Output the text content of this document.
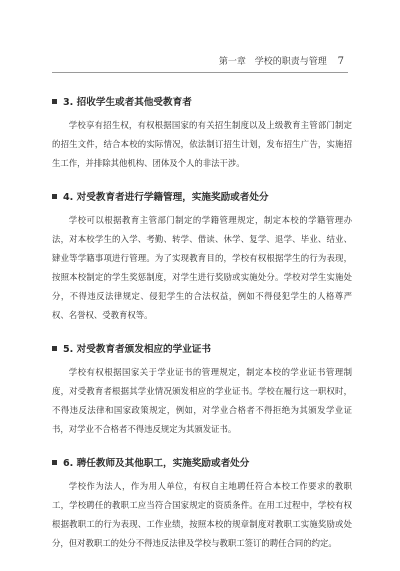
第一章 学校的职责与管理 7

3. 招收学生或者其他受教育者

学校享有招生权，有权根据国家的有关招生制度以及上级教育主管部门制定的招生文件，结合本校的实际情况，依法制订招生计划，发布招生广告，实施招生工作，并排除其他机构、团体及个人的非法干涉。

4. 对受教育者进行学籍管理，实施奖励或者处分

学校可以根据教育主管部门制定的学籍管理规定，制定本校的学籍管理办法，对本校学生的入学、考勤、转学、借读、休学、复学、退学、毕业、结业、肄业等学籍事项进行管理。为了实现教育目的，学校有权根据学生的行为表现，按照本校制定的学生奖惩制度，对学生进行奖励或实施处分。学校对学生实施处分，不得违反法律规定、侵犯学生的合法权益，例如不得侵犯学生的人格尊严权、名誉权、受教育权等。

5. 对受教育者颁发相应的学业证书

学校有权根据国家关于学业证书的管理规定，制定本校的学业证书管理制度，对受教育者根据其学业情况颁发相应的学业证书。学校在履行这一职权时，不得违反法律和国家政策规定，例如，对学业合格者不得拒绝为其颁发学业证书，对学业不合格者不得违反规定为其颁发证书。

6. 聘任教师及其他职工，实施奖励或者处分

学校作为法人，作为用人单位，有权自主地聘任符合本校工作要求的教职工，学校聘任的教职工应当符合国家规定的资质条件。在用工过程中，学校有权根据教职工的行为表现、工作业绩，按照本校的规章制度对教职工实施奖励或处分，但对教职工的处分不得违反法律及学校与教职工签订的聘任合同的约定。
